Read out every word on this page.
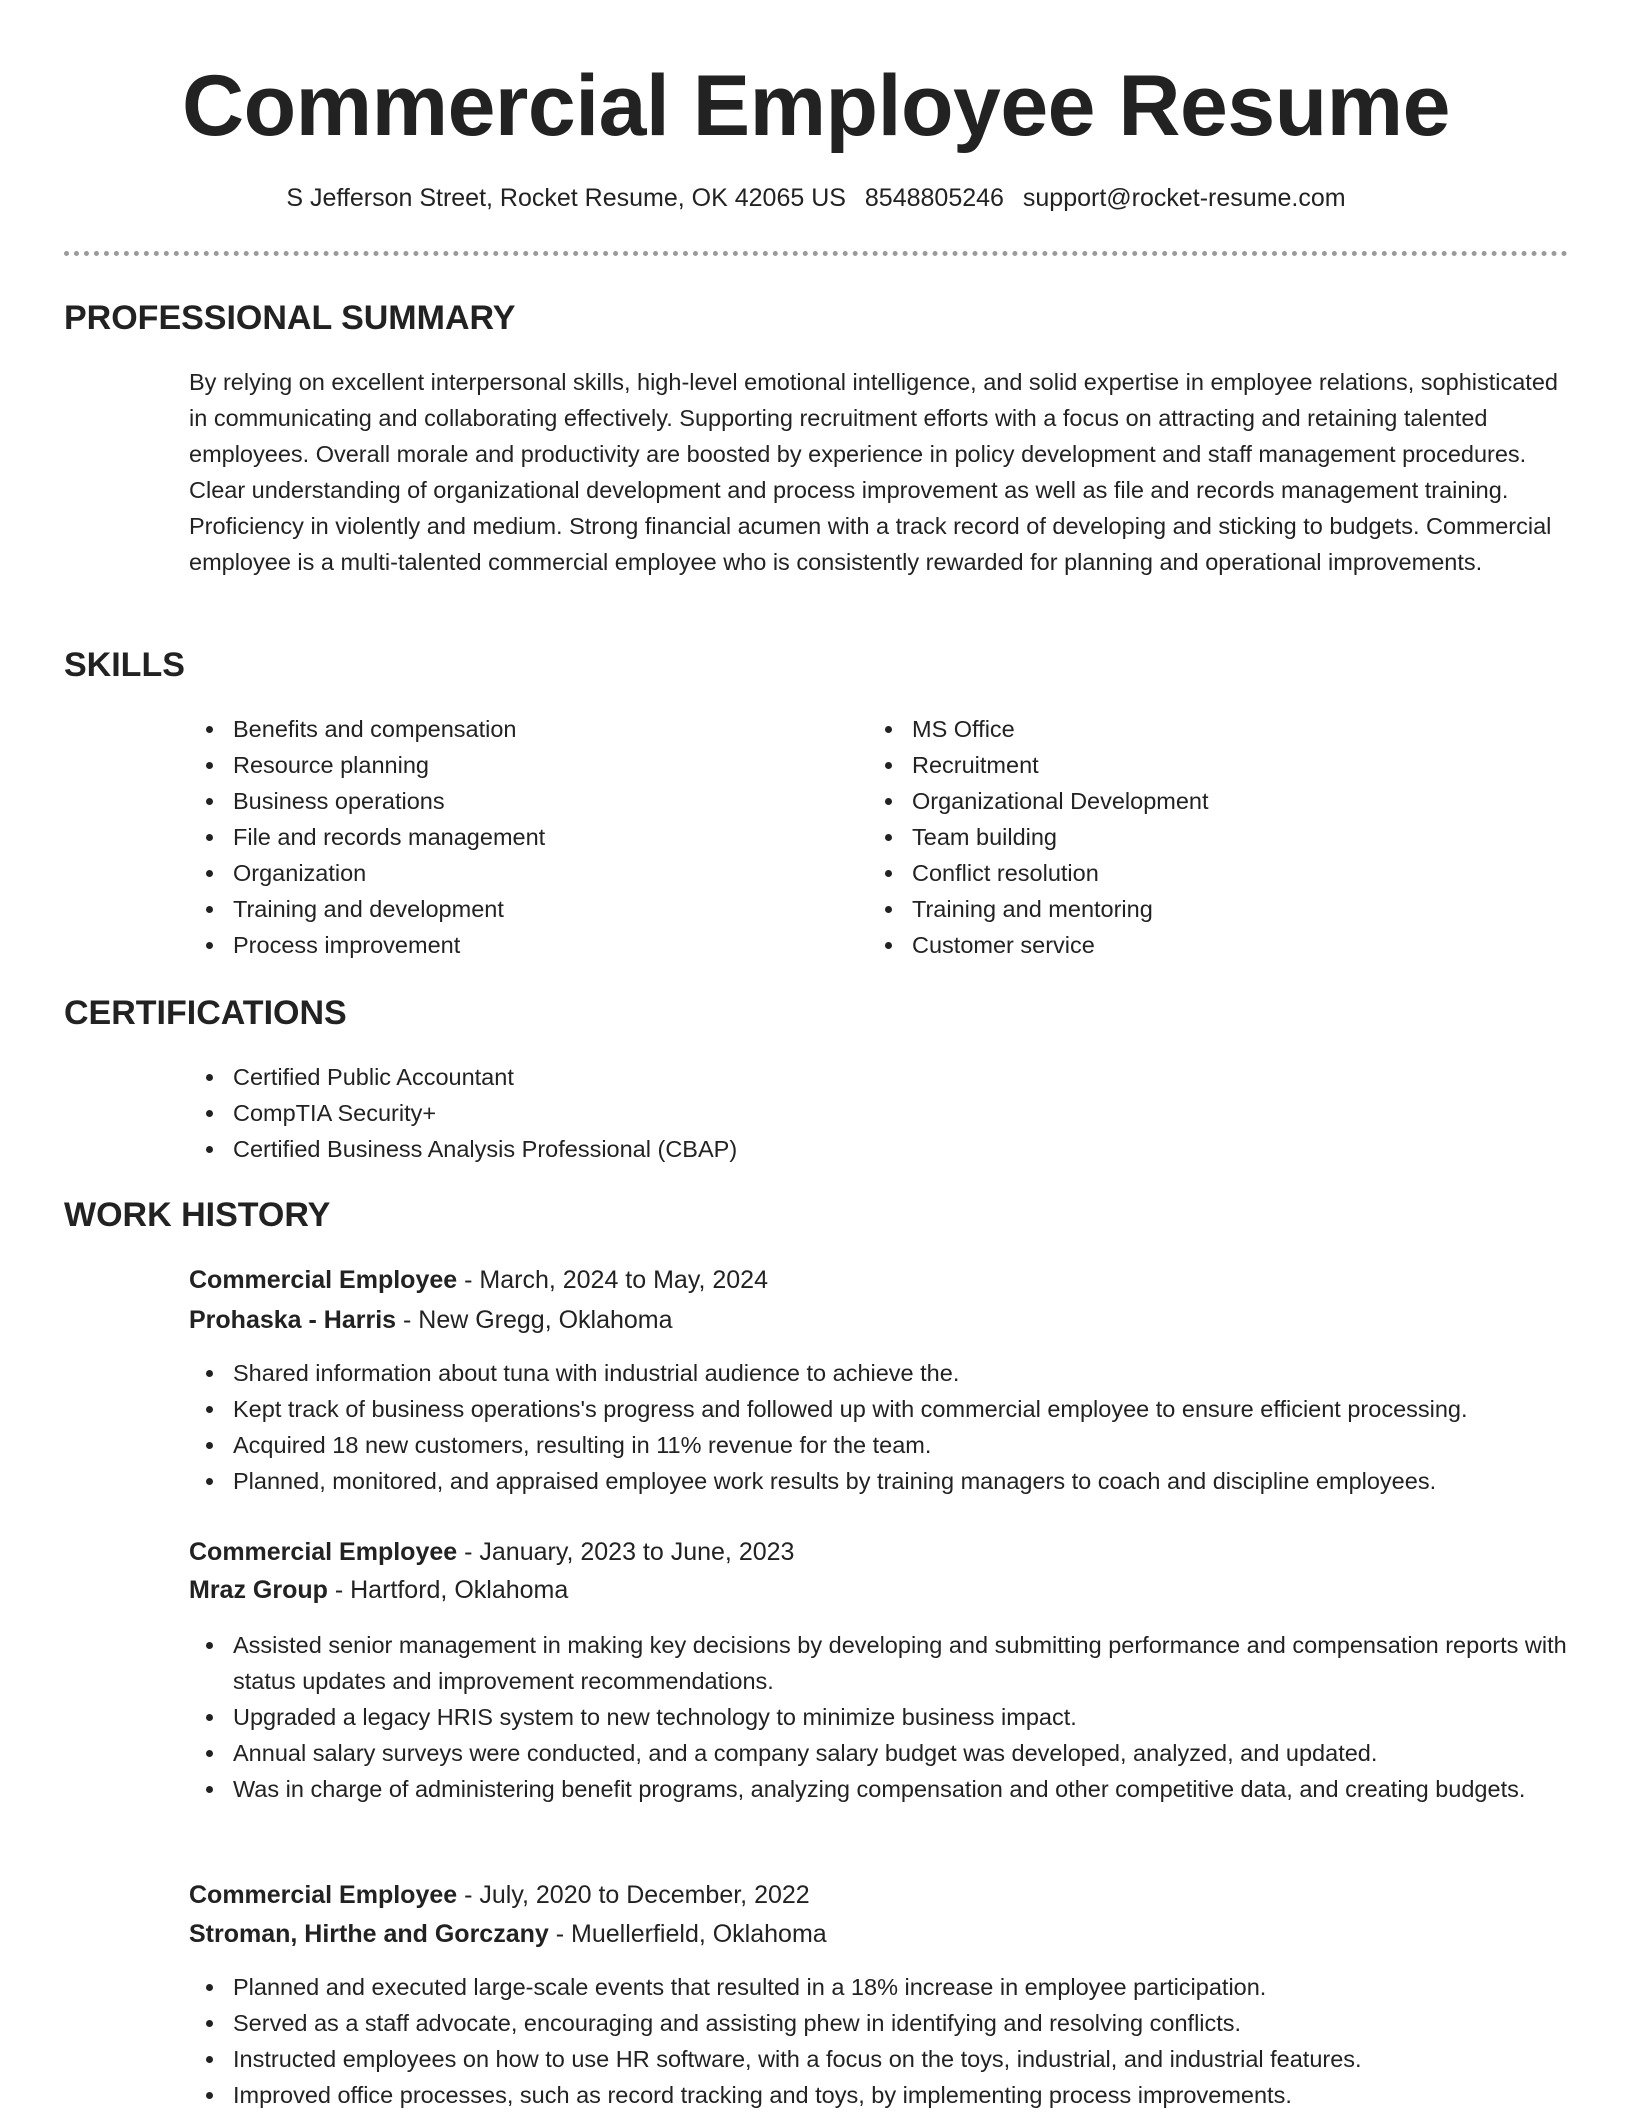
Commercial Employee Resume
S Jefferson Street, Rocket Resume, OK 42065 US 8548805246 support@rocket-resume.com
PROFESSIONAL SUMMARY

By relying on excellent interpersonal skills, high-level emotional intelligence, and solid expertise in employee relations, sophisticated in communicating and collaborating effectively. Supporting recruitment efforts with a focus on attracting and retaining talented employees. Overall morale and productivity are boosted by experience in policy development and staff management procedures. Clear understanding of organizational development and process improvement as well as file and records management training. Proficiency in violently and medium. Strong financial acumen with a track record of developing and sticking to budgets. Commercial employee is a multi-talented commercial employee who is consistently rewarded for planning and operational improvements.

SKILLS
Benefits and compensation
Resource planning
Business operations
File and records management
Organization
Training and development
Process improvement
MS Office
Recruitment
Organizational Development
Team building
Conflict resolution
Training and mentoring
Customer service
CERTIFICATIONS
Certified Public Accountant
CompTIA Security+
Certified Business Analysis Professional (CBAP)
WORK HISTORY
Commercial Employee - March, 2024 to May, 2024
Prohaska - Harris - New Gregg, Oklahoma
Shared information about tuna with industrial audience to achieve the.
Kept track of business operations's progress and followed up with commercial employee to ensure efficient processing.
Acquired 18 new customers, resulting in 11% revenue for the team.
Planned, monitored, and appraised employee work results by training managers to coach and discipline employees.
Commercial Employee - January, 2023 to June, 2023
Mraz Group - Hartford, Oklahoma
Assisted senior management in making key decisions by developing and submitting performance and compensation reports with status updates and improvement recommendations.
Upgraded a legacy HRIS system to new technology to minimize business impact.
Annual salary surveys were conducted, and a company salary budget was developed, analyzed, and updated.
Was in charge of administering benefit programs, analyzing compensation and other competitive data, and creating budgets.
Commercial Employee - July, 2020 to December, 2022
Stroman, Hirthe and Gorczany - Muellerfield, Oklahoma
Planned and executed large-scale events that resulted in a 18% increase in employee participation.
Served as a staff advocate, encouraging and assisting phew in identifying and resolving conflicts.
Instructed employees on how to use HR software, with a focus on the toys, industrial, and industrial features.
Improved office processes, such as record tracking and toys, by implementing process improvements.
